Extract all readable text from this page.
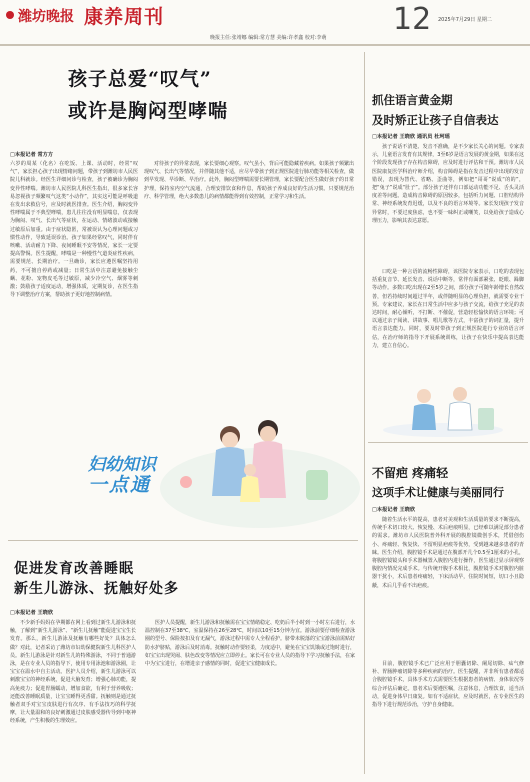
潍坊晚报 康养周刊	12 2025年7月29日 星期二
晚报主任:张靖娜 编辑:常方慧 美编:许孝鑫 校对:李萌
孩子总爱“叹气”
或许是胸闷型哮喘
□本报记者 常方方
六岁的周某（化名）在吃饭、上课、活动时，经常“叹气”，家长担心孩子出现情绪问题，带孩子到潍坊市人民医院儿科就诊。经医生详细问诊与检查，孩子被确诊为胸闷变异性哮喘。潍坊市人民医院儿科医生指出，很多家长容易忽视孩子频繁叹气这类“小动作”，其实这可能是呼吸道在发出求救信号，应及时就医排查。医生介绍，胸闷变异性哮喘属于不典型哮喘，患儿往往没有明显喘息，仅表现为胸闷、叹气、长出气等症状，在运动、情绪波动或接触过敏原后加重。由于症状隐匿，常被误认为心理问题或习惯性动作，导致延误诊治。孩子如果经常叹气，同时伴有咳嗽、活动耐力下降、夜间睡眠不安等情况，家长一定要提高警惕。医生提醒，哮喘是一种慢性气道炎症性疾病，需要规范、长期治疗。一旦确诊，家长应遵医嘱坚持用药，不可擅自停药或减量；日常生活中注意避免接触尘螨、花粉、宠物皮毛等过敏原，减少冷空气、烟雾等刺激；鼓励孩子适度运动，增强体质，定期复诊，在医生指导下调整治疗方案，帮助孩子更好地控制病情。
对待孩子的异常表现，家长要细心观察。叹气虽小，背后可能隐藏着疾病。如果孩子频繁出现叹气、长出气等情况，并伴随其他不适，应尽早带孩子到正规医院进行肺功能等相关检查，做到早发现、早诊断、早治疗。此外，胸闷型哮喘需要长期管理，家长要配合医生做好孩子的日常护理，保持室内空气流通，合理安排饮食和作息，帮助孩子养成良好的生活习惯。只要规范治疗、科学管理，绝大多数患儿的病情都能得到有效控制，正常学习和生活。
妇幼知识
一点通
促进发育改善睡眠
新生儿游泳、抚触好处多
□本报记者 王晓欣
不少新手妈妈在孕期都在网上看到过新生儿游泳和抚触，了解到“新生儿游泳”、“新生儿抚触”能促进宝宝生长发育。那么，新生儿游泳及抚触有哪些好处？具体怎么做？对此，记者采访了潍坊市妇幼保健院新生儿科医护人员。新生儿游泳是针对新生儿的特殊游泳，不同于普通游泳，是在专业人员的指导下，使用专用泳池和游泳圈，让宝宝在温水中自主活动。医护人员介绍，新生儿游泳可以刺激宝宝的神经系统，促进大脑发育；增强心肺功能，提高免疫力；促进胃肠蠕动，增加食欲，有利于营养吸收；还能改善睡眠质量，让宝宝睡得更香甜。抚触则是通过抚触者双手对宝宝皮肤进行有次序、有手法技巧的科学抚摩，让大量温和的良好刺激通过皮肤感受器传导到中枢神经系统，产生积极的生理效应。
医护人员提醒，新生儿游泳和抚触需在宝宝情绪稳定、吃奶后半小时到一小时左右进行，水温控制在37至38℃，室温保持在26至28℃，时间以10至15分钟为宜。游泳前要仔细检查游泳圈的型号、保险按扣及有无漏气，游泳过程中需专人全程看护。脐带未脱落的宝宝游泳前需贴好防水护脐贴，游泳后及时消毒。抚触时动作要轻柔，力度适中，避免在宝宝饥饿或过饱时进行，如宝宝出现哭闹、肤色改变等情况应立即停止。家长可在专业人员的指导下学习抚触手法，在家中为宝宝进行，在增进亲子感情的同时，促进宝宝健康成长。
抓住语言黄金期
及时矫正让孩子自信表达
□本报记者 王晓欣 通讯员 杜珂瑶
孩子说话不清楚、发音不准确，是不少家长关心的问题。专家表示，儿童语言发育有其规律，3至6岁是语言发展的黄金期，如果在这个阶段发现孩子存在构音障碍，应及时进行评估和干预。潍坊市人民医院康复医学科治疗师介绍，构音障碍是指在发音过程中出现的发音错误，表现为替代、省略、歪曲等，例如把“哥哥”说成“的的”，把“兔子”说成“肚子”。部分孩子还伴有口部运动功能不足、舌头灵活度差等问题。造成构音障碍的原因较多，包括听力问题、口腔结构异常、神经系统发育迟缓，以及不良的语言环境等。家长发现孩子发音异常时，不要过度焦虑，也不要一味纠正或嘲笑，以免给孩子造成心理压力，影响其表达意愿。
口吃是一种言语的流畅性障碍，该医院专家表示，口吃的表现包括重复音节、延长发音、说话中断等，常伴有面部紧张、眨眼、跺脚等动作。多数口吃出现在2至5岁之间，部分孩子可随年龄增长自然改善，但若持续时间超过半年，或伴随明显的心理负担，就需要专业干预。专家建议，家长在日常生活中应多与孩子交流，给孩子充足的表达时间，耐心倾听，不打断、不催促，营造轻松愉快的语言环境；可以通过亲子阅读、讲故事、唱儿歌等方式，丰富孩子的词汇量，提升语言表达能力。同时，要及时带孩子到正规医院进行专业的语言评估，在治疗师的指导下开展系统训练，让孩子在快乐中提高表达能力，建立自信心。
不留疤 疼痛轻
这项手术让健康与美丽同行
□本报记者 王晓欣
随着生活水平的提高，患者对美观和生活质量的要求不断提高，传统手术切口较大、恢复慢、术后疤痕明显，已经难以满足部分患者的需求。潍坊市人民医院普外科开展的腹腔镜微创手术，凭借创伤小、疼痛轻、恢复快、不留明显疤痕等优势，受到越来越多患者的青睐。医生介绍，腹腔镜手术是通过在腹部开几个0.5至1厘米的小孔，将腹腔镜镜头和手术器械置入腹腔内进行操作，医生通过显示屏观察腹腔内情况完成手术。与传统开腹手术相比，腹腔镜手术对腹腔内脏器干扰小，术后患者疼痛轻，下床活动早，住院时间短，切口小且隐蔽，术后几乎看不出疤痕。
目前，腹腔镜手术已广泛应用于胆囊切除、阑尾切除、疝气修补、胃肠肿瘤切除等多种疾病的治疗。医生提醒，并非所有患者都适合腹腔镜手术，具体手术方式需要医生根据患者的病情、身体状况等综合评估后确定。患者术后要遵医嘱，注意休息，合理饮食，适当活动，促进身体早日康复。如有不适症状，应及时就医，在专业医生的指导下进行规范诊治，守护自身健康。
